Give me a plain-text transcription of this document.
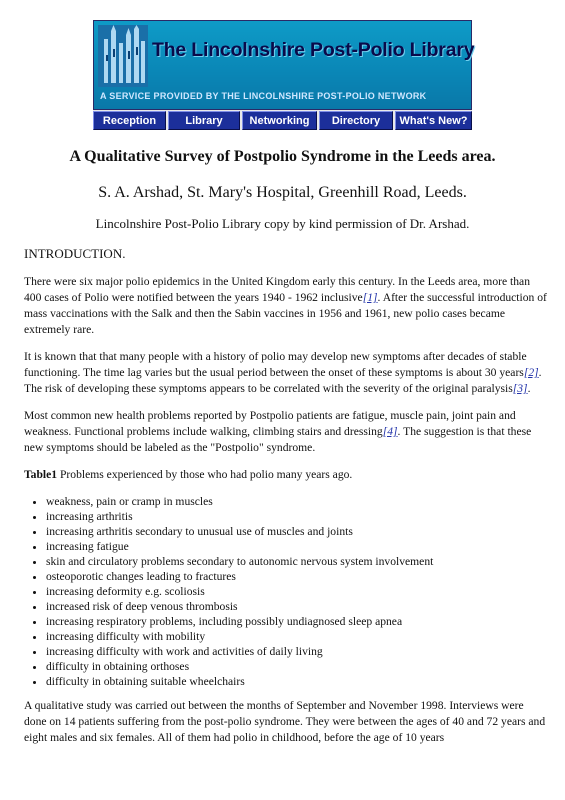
The Lincolnshire Post-Polio Library
A SERVICE PROVIDED BY THE LINCOLNSHIRE POST-POLIO NETWORK
Reception	Library	Networking	Directory	What's New?
A Qualitative Survey of Postpolio Syndrome in the Leeds area.
S. A. Arshad, St. Mary's Hospital, Greenhill Road, Leeds.
Lincolnshire Post-Polio Library copy by kind permission of Dr. Arshad.

INTRODUCTION.

There were six major polio epidemics in the United Kingdom early this century. In the Leeds area, more than 400 cases of Polio were notified between the years 1940 - 1962 inclusive[1]. After the successful introduction of mass vaccinations with the Salk and then the Sabin vaccines in 1956 and 1961, new polio cases became extremely rare.

It is known that that many people with a history of polio may develop new symptoms after decades of stable functioning. The time lag varies but the usual period between the onset of these symptoms is about 30 years[2]. The risk of developing these symptoms appears to be correlated with the severity of the original paralysis[3].

Most common new health problems reported by Postpolio patients are fatigue, muscle pain, joint pain and weakness. Functional problems include walking, climbing stairs and dressing[4]. The suggestion is that these new symptoms should be labeled as the "Postpolio" syndrome.

Table1 Problems experienced by those who had polio many years ago.

• weakness, pain or cramp in muscles
• increasing arthritis
• increasing arthritis secondary to unusual use of muscles and joints
• increasing fatigue
• skin and circulatory problems secondary to autonomic nervous system involvement
• osteoporotic changes leading to fractures
• increasing deformity e.g. scoliosis
• increased risk of deep venous thrombosis
• increasing respiratory problems, including possibly undiagnosed sleep apnea
• increasing difficulty with mobility
• increasing difficulty with work and activities of daily living
• difficulty in obtaining orthoses
• difficulty in obtaining suitable wheelchairs

A qualitative study was carried out between the months of September and November 1998. Interviews were done on 14 patients suffering from the post-polio syndrome. They were between the ages of 40 and 72 years and eight males and six females. All of them had polio in childhood, before the age of 10 years
